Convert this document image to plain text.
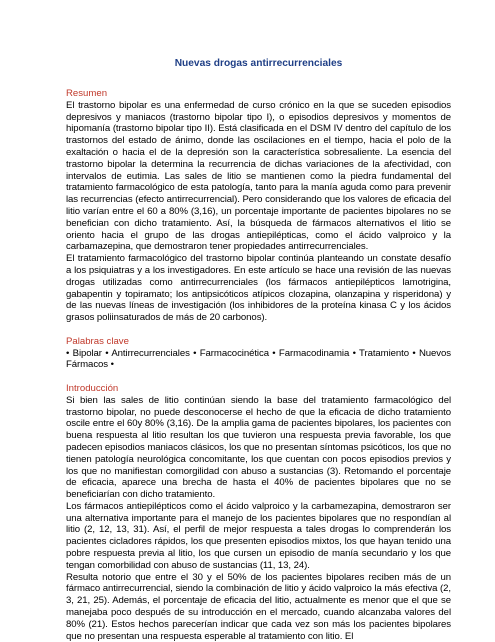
Nuevas drogas antirrecurrenciales
Resumen

El trastorno bipolar es una enfermedad de curso crónico en la que se suceden episodios depresivos y maniacos (trastorno bipolar tipo I), o episodios depresivos y momentos de hipomanía (trastorno bipolar tipo II). Está clasificada en el DSM IV dentro del capítulo de los trastornos del estado de ánimo, donde las oscilaciones en el tiempo, hacia el polo de la exaltación o hacia el de la depresión son la característica sobresaliente. La esencia del trastorno bipolar la determina la recurrencia de dichas variaciones de la afectividad, con intervalos de eutimia. Las sales de litio se mantienen como la piedra fundamental del tratamiento farmacológico de esta patología, tanto para la manía aguda como para prevenir las recurrencias (efecto antirrecurrencial). Pero considerando que los valores de eficacia del litio varían entre el 60 a 80% (3,16), un porcentaje importante de pacientes bipolares no se benefician con dicho tratamiento. Así, la búsqueda de fármacos alternativos el litio se oriento hacia el grupo de las drogas antiepilépticas, como el ácido valproico y la carbamazepina, que demostraron tener propiedades antirrecurrenciales.

El tratamiento farmacológico del trastorno bipolar continúa planteando un constate desafío a los psiquiatras y a los investigadores. En este artículo se hace una revisión de las nuevas drogas utilizadas como antirrecurrenciales (los fármacos antiepilépticos lamotrigina, gabapentin y topiramato; los antipsicóticos atípicos clozapina, olanzapina y risperidona) y de las nuevas líneas de investigación (los inhibidores de la proteína kinasa C y los ácidos grasos poliinsaturados de más de 20 carbonos).

Palabras clave

• Bipolar • Antirrecurrenciales • Farmacocinética • Farmacodinamia • Tratamiento • Nuevos Fármacos •

Introducción

Si bien las sales de litio continúan siendo la base del tratamiento farmacológico del trastorno bipolar, no puede desconocerse el hecho de que la eficacia de dicho tratamiento oscile entre el 60y 80% (3,16). De la amplia gama de pacientes bipolares, los pacientes con buena respuesta al litio resultan los que tuvieron una respuesta previa favorable, los que padecen episodios maniacos clásicos, los que no presentan síntomas psicóticos, los que no tienen patología neurológica concomitante, los que cuentan con pocos episodios previos y los que no manifiestan comorgilidad con abuso a sustancias (3). Retomando el porcentaje de eficacia, aparece una brecha de hasta el 40% de pacientes bipolares que no se beneficiarían con dicho tratamiento.

Los fármacos antiepilépticos como el ácido valproico y la carbamezapina, demostraron ser una alternativa importante para el manejo de los pacientes bipolares que no respondían al litio (2, 12, 13, 31). Así, el perfil de mejor respuesta a tales drogas lo comprenderán los pacientes cicladores rápidos, los que presenten episodios mixtos, los que hayan tenido una pobre respuesta previa al litio, los que cursen un episodio de manía secundario y los que tengan comorbilidad con abuso de sustancias (11, 13, 24).

Resulta notorio que entre el 30 y el 50% de los pacientes bipolares reciben más de un fármaco antirrecurrencial, siendo la combinación de litio y ácido valproico la más efectiva (2, 3, 21, 25). Además, el porcentaje de eficacia del litio, actualmente es menor que el que se manejaba poco después de su introducción en el mercado, cuando alcanzaba valores del 80% (21). Estos hechos parecerían indicar que cada vez son más los pacientes bipolares que no presentan una respuesta esperable al tratamiento con litio. El
